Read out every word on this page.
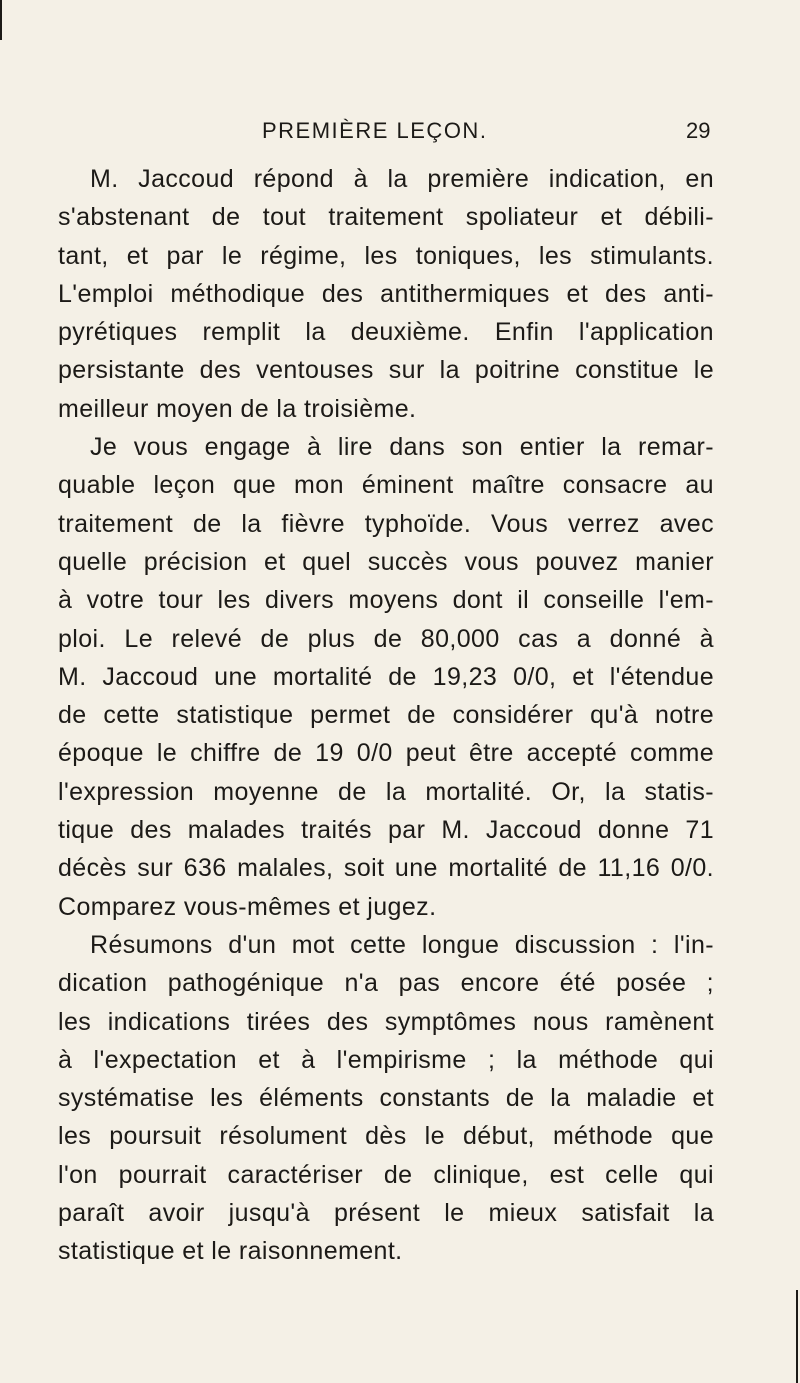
PREMIÈRE LEÇON.	29
M. Jaccoud répond à la première indication, en
s'abstenant de tout traitement spoliateur et débili-
tant, et par le régime, les toniques, les stimulants.
L'emploi méthodique des antithermiques et des anti-
pyrétiques remplit la deuxième. Enfin l'application
persistante des ventouses sur la poitrine constitue le
meilleur moyen de la troisième.
Je vous engage à lire dans son entier la remar-
quable leçon que mon éminent maître consacre au
traitement de la fièvre typhoïde. Vous verrez avec
quelle précision et quel succès vous pouvez manier
à votre tour les divers moyens dont il conseille l'em-
ploi. Le relevé de plus de 80,000 cas a donné à
M. Jaccoud une mortalité de 19,23 0/0, et l'étendue
de cette statistique permet de considérer qu'à notre
époque le chiffre de 19 0/0 peut être accepté comme
l'expression moyenne de la mortalité. Or, la statis-
tique des malades traités par M. Jaccoud donne 71
décès sur 636 malales, soit une mortalité de 11,16 0/0.
Comparez vous-mêmes et jugez.
Résumons d'un mot cette longue discussion : l'in-
dication pathogénique n'a pas encore été posée ;
les indications tirées des symptômes nous ramènent
à l'expectation et à l'empirisme ; la méthode qui
systématise les éléments constants de la maladie et
les poursuit résolument dès le début, méthode que
l'on pourrait caractériser de clinique, est celle qui
paraît avoir jusqu'à présent le mieux satisfait la
statistique et le raisonnement.
